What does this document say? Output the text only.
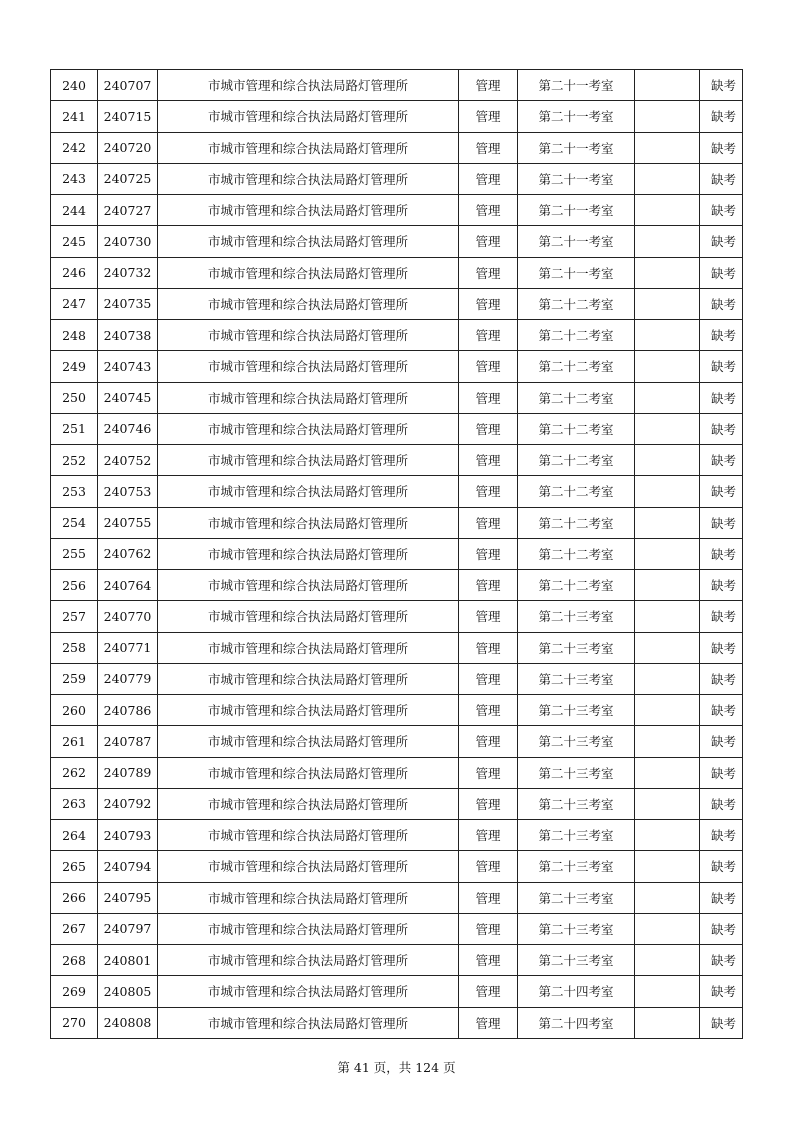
240	240707	市城市管理和综合执法局路灯管理所	管理	第二十一考室		缺考
241	240715	市城市管理和综合执法局路灯管理所	管理	第二十一考室		缺考
242	240720	市城市管理和综合执法局路灯管理所	管理	第二十一考室		缺考
243	240725	市城市管理和综合执法局路灯管理所	管理	第二十一考室		缺考
244	240727	市城市管理和综合执法局路灯管理所	管理	第二十一考室		缺考
245	240730	市城市管理和综合执法局路灯管理所	管理	第二十一考室		缺考
246	240732	市城市管理和综合执法局路灯管理所	管理	第二十一考室		缺考
247	240735	市城市管理和综合执法局路灯管理所	管理	第二十二考室		缺考
248	240738	市城市管理和综合执法局路灯管理所	管理	第二十二考室		缺考
249	240743	市城市管理和综合执法局路灯管理所	管理	第二十二考室		缺考
250	240745	市城市管理和综合执法局路灯管理所	管理	第二十二考室		缺考
251	240746	市城市管理和综合执法局路灯管理所	管理	第二十二考室		缺考
252	240752	市城市管理和综合执法局路灯管理所	管理	第二十二考室		缺考
253	240753	市城市管理和综合执法局路灯管理所	管理	第二十二考室		缺考
254	240755	市城市管理和综合执法局路灯管理所	管理	第二十二考室		缺考
255	240762	市城市管理和综合执法局路灯管理所	管理	第二十二考室		缺考
256	240764	市城市管理和综合执法局路灯管理所	管理	第二十二考室		缺考
257	240770	市城市管理和综合执法局路灯管理所	管理	第二十三考室		缺考
258	240771	市城市管理和综合执法局路灯管理所	管理	第二十三考室		缺考
259	240779	市城市管理和综合执法局路灯管理所	管理	第二十三考室		缺考
260	240786	市城市管理和综合执法局路灯管理所	管理	第二十三考室		缺考
261	240787	市城市管理和综合执法局路灯管理所	管理	第二十三考室		缺考
262	240789	市城市管理和综合执法局路灯管理所	管理	第二十三考室		缺考
263	240792	市城市管理和综合执法局路灯管理所	管理	第二十三考室		缺考
264	240793	市城市管理和综合执法局路灯管理所	管理	第二十三考室		缺考
265	240794	市城市管理和综合执法局路灯管理所	管理	第二十三考室		缺考
266	240795	市城市管理和综合执法局路灯管理所	管理	第二十三考室		缺考
267	240797	市城市管理和综合执法局路灯管理所	管理	第二十三考室		缺考
268	240801	市城市管理和综合执法局路灯管理所	管理	第二十三考室		缺考
269	240805	市城市管理和综合执法局路灯管理所	管理	第二十四考室		缺考
270	240808	市城市管理和综合执法局路灯管理所	管理	第二十四考室		缺考
第 41 页，共 124 页
